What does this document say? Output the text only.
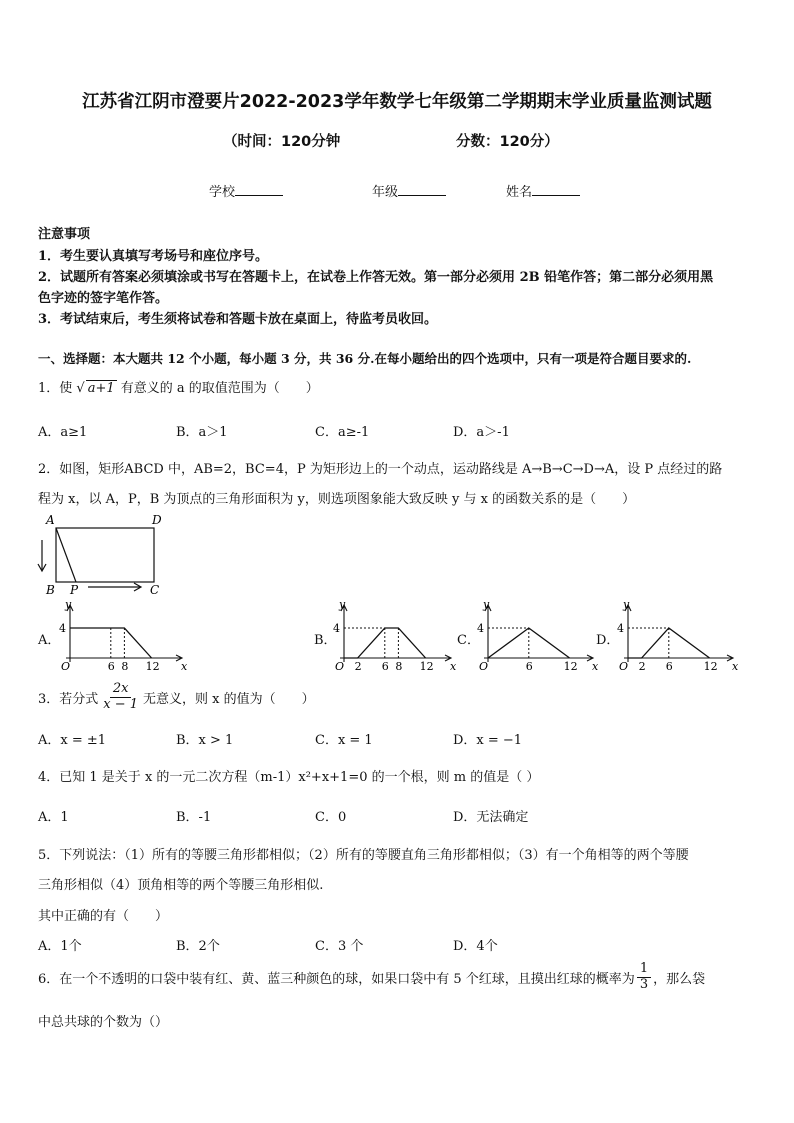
江苏省江阴市澄要片2022-2023学年数学七年级第二学期期末学业质量监测试题
（时间：120分钟	分数：120分）
学校	年级	姓名
注意事项
1．考生要认真填写考场号和座位序号。
2．试题所有答案必须填涂或书写在答题卡上，在试卷上作答无效。第一部分必须用 2B 铅笔作答；第二部分必须用黑
色字迹的签字笔作答。
3．考试结束后，考生须将试卷和答题卡放在桌面上，待监考员收回。
一、选择题：本大题共 12 个小题，每小题 3 分，共 36 分.在每小题给出的四个选项中，只有一项是符合题目要求的.
1．使 √ a+1 有意义的 a 的取值范围为（　　）
A．a≥1	B．a＞1	C．a≥-1	D．a＞-1
2．如图，矩形ABCD 中，AB=2，BC=4，P 为矩形边上的一个动点，运动路线是 A→B→C→D→A，设 P 点经过的路
程为 x，以 A，P，B 为顶点的三角形面积为 y，则选项图象能大致反映 y 与 x 的函数关系的是（　　）
A	D
B P	C
A．	B．	C．	D．
y
x
O
4
6 8 12
y
x
O
4
2 6 8 12
y
x
O
4
6	12
y
x
O
4
2 6	12
3．若分式 $\frac{2x}{x - 1}$ 无意义，则 x 的值为（　　）
A．x = ±1	B．x > 1	C．x = 1	D．x = −1
4．已知 1 是关于 x 的一元二次方程（m-1）x²+x+1=0 的一个根，则 m 的值是（ ）
A．1	B．-1	C．0	D．无法确定
5．下列说法：（1）所有的等腰三角形都相似；（2）所有的等腰直角三角形都相似；（3）有一个角相等的两个等腰
三角形相似（4）顶角相等的两个等腰三角形相似.
其中正确的有（　　）
A．1个	B．2个	C．3 个	D．4个
6．在一个不透明的口袋中装有红、黄、蓝三种颜色的球，如果口袋中有 5 个红球，且摸出红球的概率为 $\frac{1}{3}$ ，那么袋
中总共球的个数为（）
